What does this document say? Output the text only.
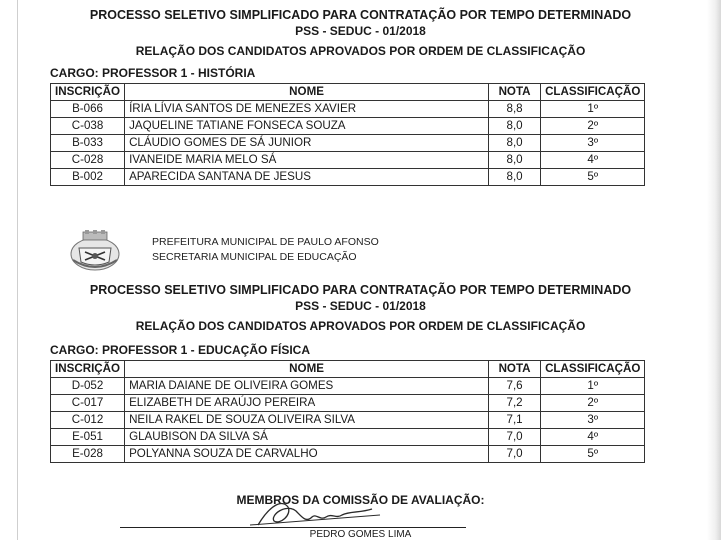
PROCESSO SELETIVO SIMPLIFICADO PARA CONTRATAÇÃO POR TEMPO DETERMINADO
PSS - SEDUC - 01/2018
RELAÇÃO DOS CANDIDATOS APROVADOS POR ORDEM DE CLASSIFICAÇÃO
CARGO: PROFESSOR 1 - HISTÓRIA
INSCRIÇÃO	NOME	NOTA	CLASSIFICAÇÃO
B-066	ÍRIA LÍVIA SANTOS DE MENEZES XAVIER	8,8	1º
C-038	JAQUELINE TATIANE FONSECA SOUZA	8,0	2º
B-033	CLÁUDIO GOMES DE SÁ JUNIOR	8,0	3º
C-028	IVANEIDE MARIA MELO SÁ	8,0	4º
B-002	APARECIDA SANTANA DE JESUS	8,0	5º
PREFEITURA MUNICIPAL DE PAULO AFONSO
SECRETARIA MUNICIPAL DE EDUCAÇÃO
PROCESSO SELETIVO SIMPLIFICADO PARA CONTRATAÇÃO POR TEMPO DETERMINADO
PSS - SEDUC - 01/2018
RELAÇÃO DOS CANDIDATOS APROVADOS POR ORDEM DE CLASSIFICAÇÃO
CARGO: PROFESSOR 1 - EDUCAÇÃO FÍSICA
INSCRIÇÃO	NOME	NOTA	CLASSIFICAÇÃO
D-052	MARIA DAIANE DE OLIVEIRA GOMES	7,6	1º
C-017	ELIZABETH DE ARAÚJO PEREIRA	7,2	2º
C-012	NEILA RAKEL DE SOUZA OLIVEIRA SILVA	7,1	3º
E-051	GLAUBISON DA SILVA SÁ	7,0	4º
E-028	POLYANNA SOUZA DE CARVALHO	7,0	5º
MEMBROS DA COMISSÃO DE AVALIAÇÃO:
PEDRO GOMES LIMA
